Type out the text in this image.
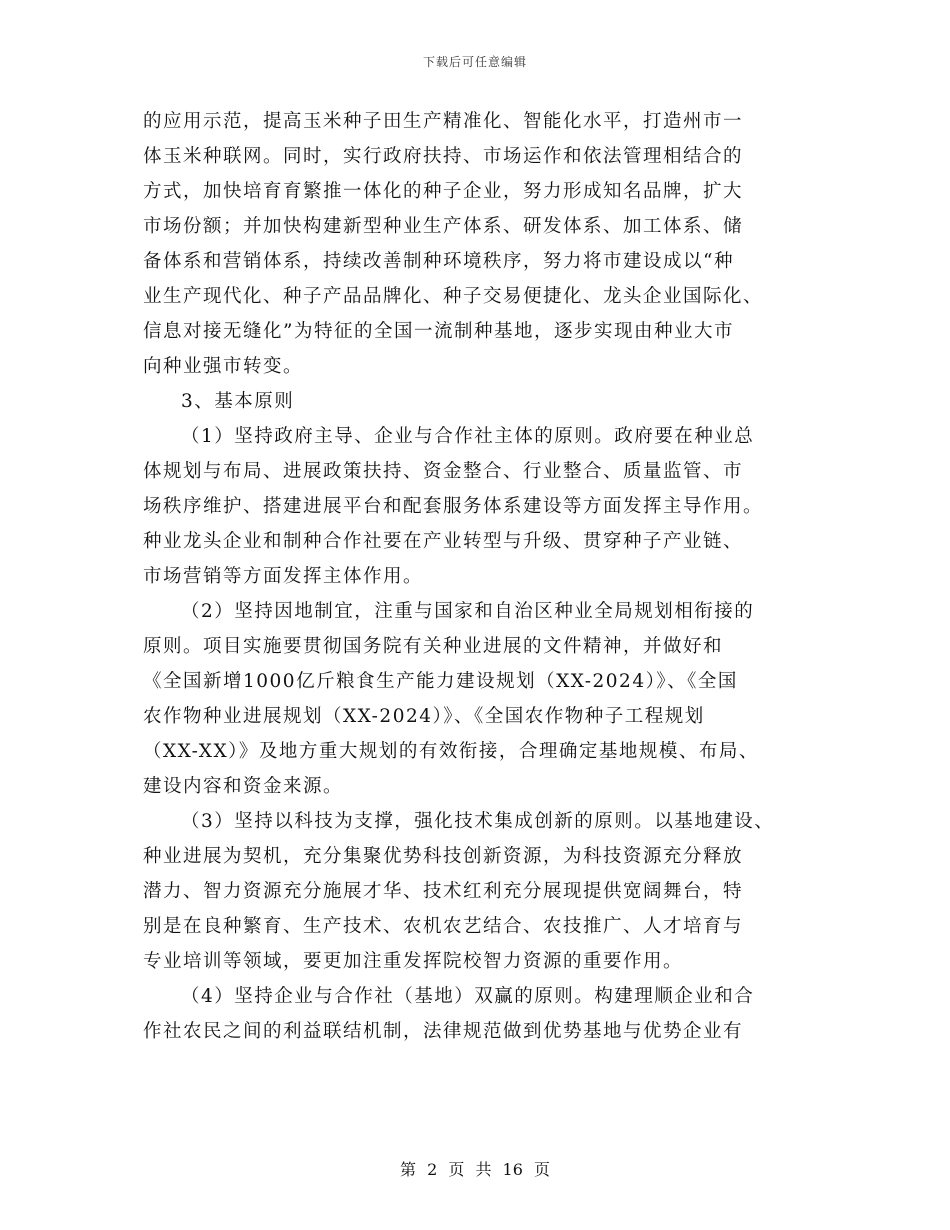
下载后可任意编辑
的应用示范，提高玉米种子田生产精准化、智能化水平，打造州市一
体玉米种联网。同时，实行政府扶持、市场运作和依法管理相结合的
方式，加快培育育繁推一体化的种子企业，努力形成知名品牌，扩大
市场份额；并加快构建新型种业生产体系、研发体系、加工体系、储
备体系和营销体系，持续改善制种环境秩序，努力将市建设成以“种
业生产现代化、种子产品品牌化、种子交易便捷化、龙头企业国际化、
信息对接无缝化”为特征的全国一流制种基地，逐步实现由种业大市
向种业强市转变。
3、基本原则
（1）坚持政府主导、企业与合作社主体的原则。政府要在种业总
体规划与布局、进展政策扶持、资金整合、行业整合、质量监管、市
场秩序维护、搭建进展平台和配套服务体系建设等方面发挥主导作用。
种业龙头企业和制种合作社要在产业转型与升级、贯穿种子产业链、
市场营销等方面发挥主体作用。
（2）坚持因地制宜，注重与国家和自治区种业全局规划相衔接的
原则。项目实施要贯彻国务院有关种业进展的文件精神，并做好和
《全国新增1000亿斤粮食生产能力建设规划（XX-2024）》、《全国
农作物种业进展规划（XX-2024）》、《全国农作物种子工程规划
（XX-XX）》及地方重大规划的有效衔接，合理确定基地规模、布局、
建设内容和资金来源。
（3）坚持以科技为支撑，强化技术集成创新的原则。以基地建设、
种业进展为契机，充分集聚优势科技创新资源，为科技资源充分释放
潜力、智力资源充分施展才华、技术红利充分展现提供宽阔舞台，特
别是在良种繁育、生产技术、农机农艺结合、农技推广、人才培育与
专业培训等领域，要更加注重发挥院校智力资源的重要作用。
（4）坚持企业与合作社（基地）双赢的原则。构建理顺企业和合
作社农民之间的利益联结机制，法律规范做到优势基地与优势企业有
第 2 页 共 16 页
